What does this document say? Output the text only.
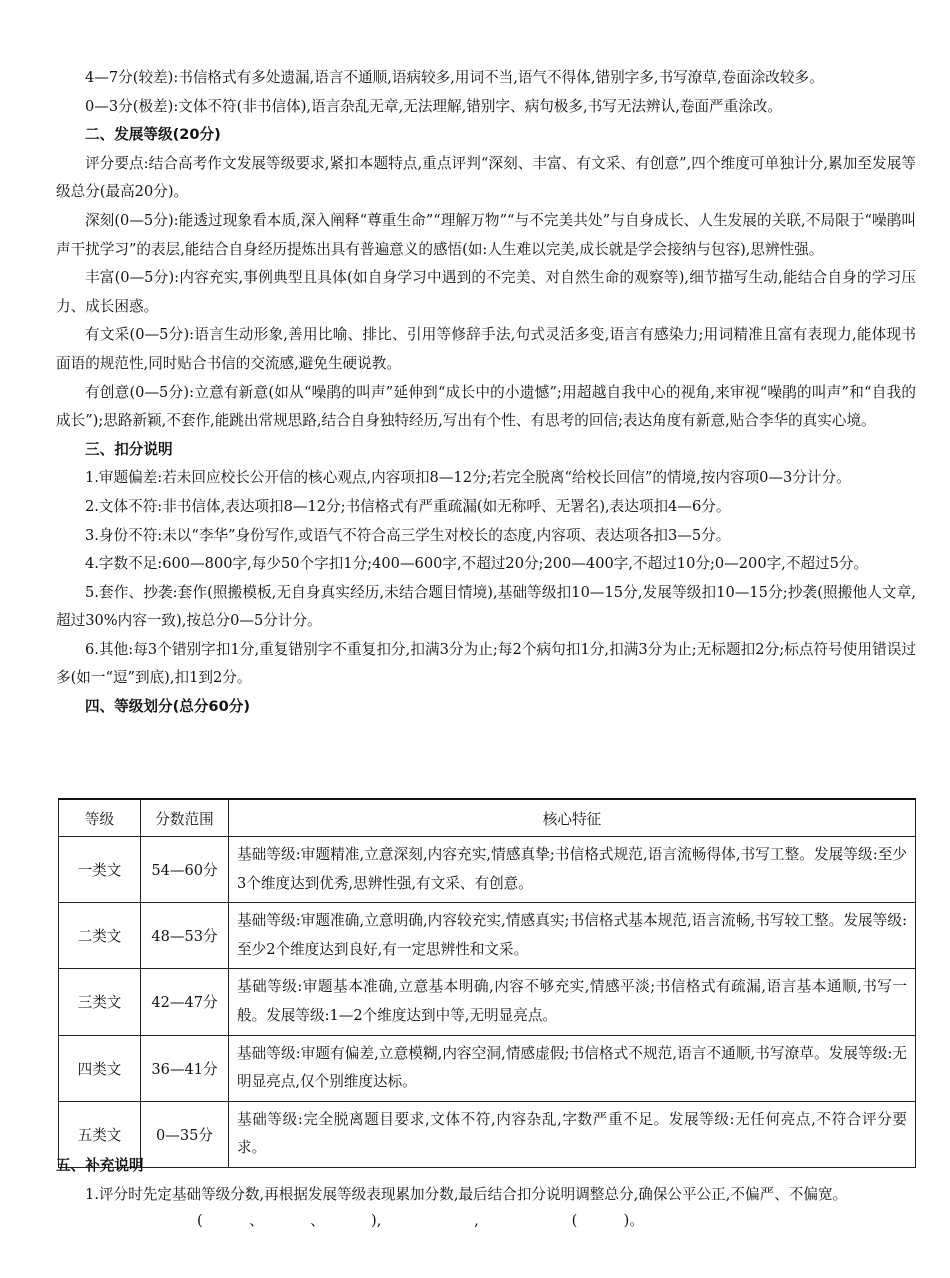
4—7分(较差):书信格式有多处遗漏,语言不通顺,语病较多,用词不当,语气不得体,错别字多,书写潦草,卷面涂改较多。

0—3分(极差):文体不符(非书信体),语言杂乱无章,无法理解,错别字、病句极多,书写无法辨认,卷面严重涂改。

二、发展等级(20分)

评分要点:结合高考作文发展等级要求,紧扣本题特点,重点评判“深刻、丰富、有文采、有创意”,四个维度可单独计分,累加至发展等级总分(最高20分)。

深刻(0—5分):能透过现象看本质,深入阐释“尊重生命”“理解万物”“与不完美共处”与自身成长、人生发展的关联,不局限于“噪鹃叫声干扰学习”的表层,能结合自身经历提炼出具有普遍意义的感悟(如:人生难以完美,成长就是学会接纳与包容),思辨性强。

丰富(0—5分):内容充实,事例典型且具体(如自身学习中遇到的不完美、对自然生命的观察等),细节描写生动,能结合自身的学习压力、成长困惑。

有文采(0—5分):语言生动形象,善用比喻、排比、引用等修辞手法,句式灵活多变,语言有感染力;用词精准且富有表现力,能体现书面语的规范性,同时贴合书信的交流感,避免生硬说教。

有创意(0—5分):立意有新意(如从“噪鹃的叫声”延伸到“成长中的小遗憾”;用超越自我中心的视角,来审视“噪鹃的叫声”和“自我的成长”);思路新颖,不套作,能跳出常规思路,结合自身独特经历,写出有个性、有思考的回信;表达角度有新意,贴合李华的真实心境。

三、扣分说明

1.审题偏差:若未回应校长公开信的核心观点,内容项扣8—12分;若完全脱离“给校长回信”的情境,按内容项0—3分计分。

2.文体不符:非书信体,表达项扣8—12分;书信格式有严重疏漏(如无称呼、无署名),表达项扣4—6分。

3.身份不符:未以“李华”身份写作,或语气不符合高三学生对校长的态度,内容项、表达项各扣3—5分。

4.字数不足:600—800字,每少50个字扣1分;400—600字,不超过20分;200—400字,不超过10分;0—200字,不超过5分。

5.套作、抄袭:套作(照搬模板,无自身真实经历,未结合题目情境),基础等级扣10—15分,发展等级扣10—15分;抄袭(照搬他人文章,超过30%内容一致),按总分0—5分计分。

6.其他:每3个错别字扣1分,重复错别字不重复扣分,扣满3分为止;每2个病句扣1分,扣满3分为止;无标题扣2分;标点符号使用错误过多(如一“逗”到底),扣1到2分。

四、等级划分(总分60分)

等级	分数范围	核心特征
一类文	54—60分	基础等级:审题精准,立意深刻,内容充实,情感真挚;书信格式规范,语言流畅得体,书写工整。发展等级:至少3个维度达到优秀,思辨性强,有文采、有创意。
二类文	48—53分	基础等级:审题准确,立意明确,内容较充实,情感真实;书信格式基本规范,语言流畅,书写较工整。发展等级:至少2个维度达到良好,有一定思辨性和文采。
三类文	42—47分	基础等级:审题基本准确,立意基本明确,内容不够充实,情感平淡;书信格式有疏漏,语言基本通顺,书写一般。发展等级:1—2个维度达到中等,无明显亮点。
四类文	36—41分	基础等级:审题有偏差,立意模糊,内容空洞,情感虚假;书信格式不规范,语言不通顺,书写潦草。发展等级:无明显亮点,仅个别维度达标。
五类文	0—35分	基础等级:完全脱离题目要求,文体不符,内容杂乱,字数严重不足。发展等级:无任何亮点,不符合评分要求。

五、补充说明

1.评分时先定基础等级分数,再根据发展等级表现累加分数,最后结合扣分说明调整总分,确保公平公正,不偏严、不偏宽。

(          、          、          ),                    ,                    (          )。
